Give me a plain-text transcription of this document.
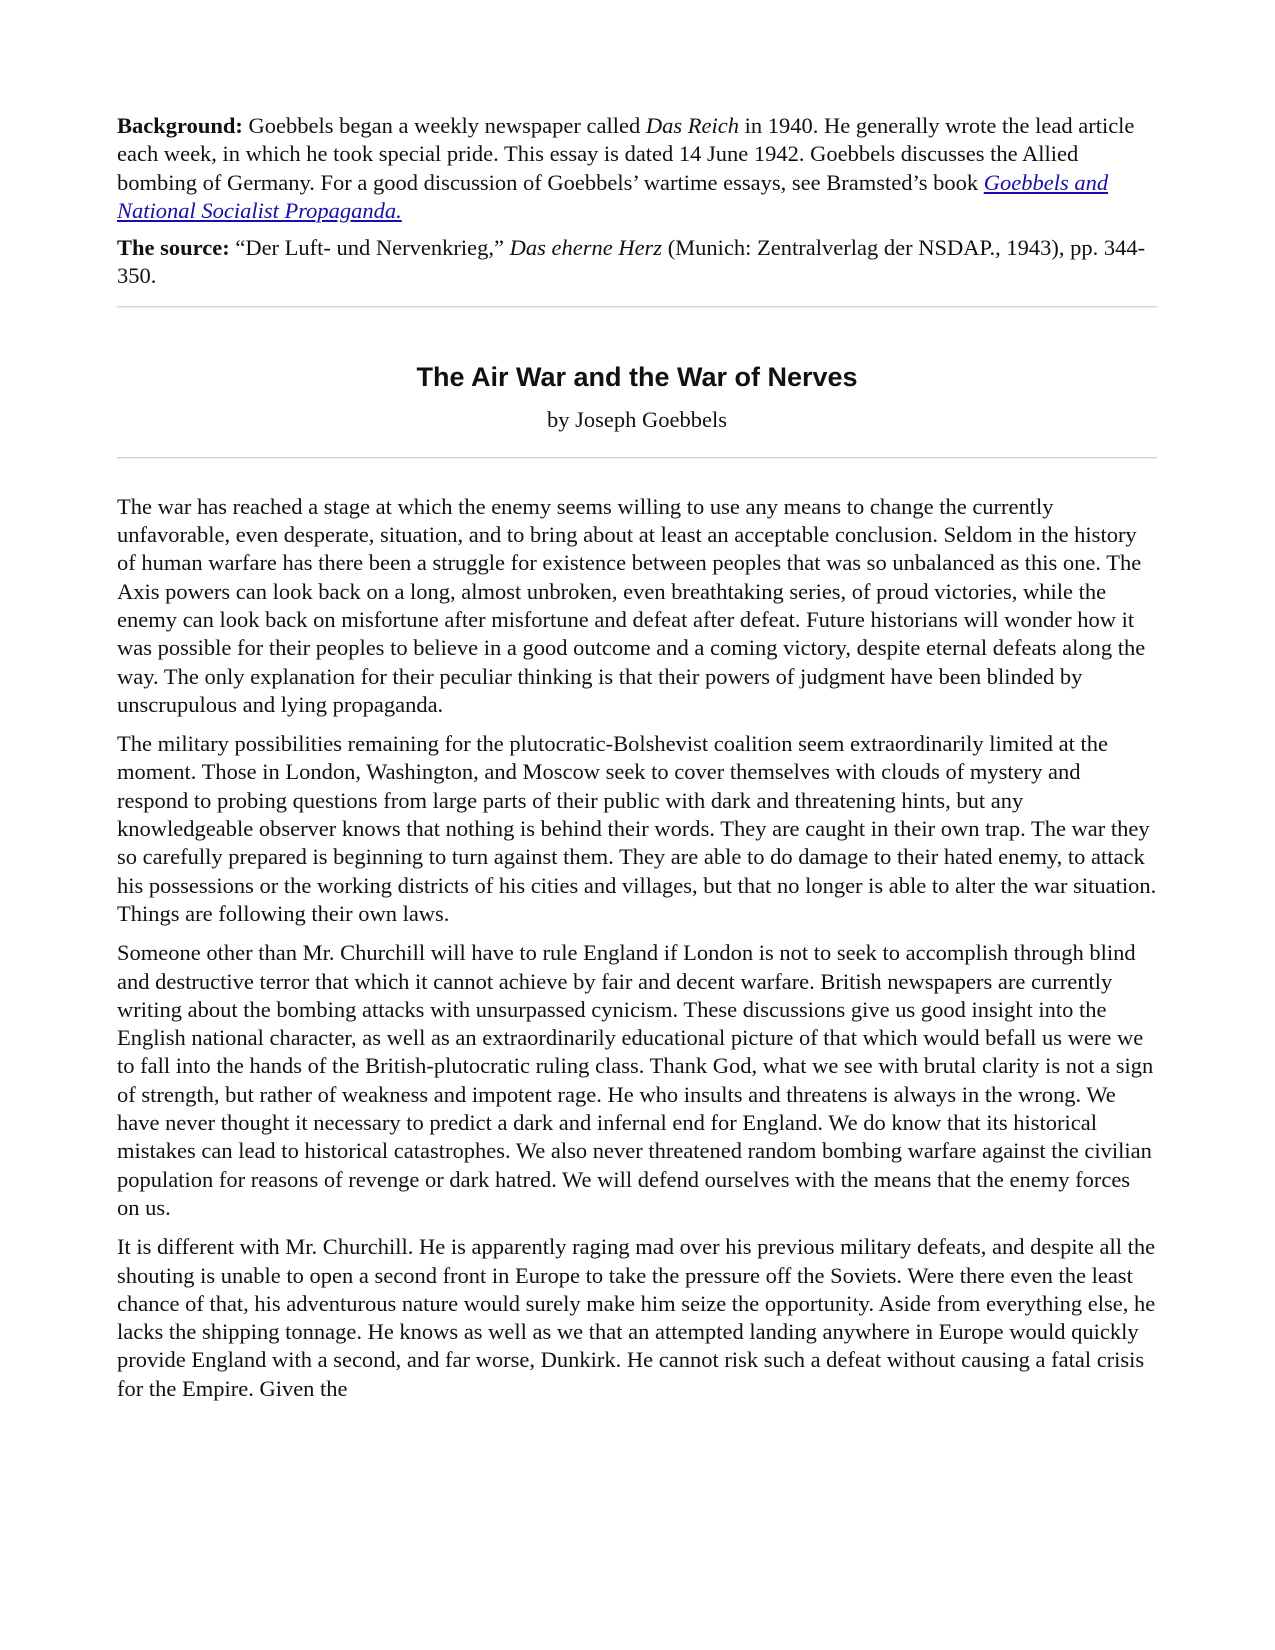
Background: Goebbels began a weekly newspaper called Das Reich in 1940. He generally wrote the lead article each week, in which he took special pride. This essay is dated 14 June 1942. Goebbels discusses the Allied bombing of Germany. For a good discussion of Goebbels’ wartime essays, see Bramsted’s book Goebbels and National Socialist Propaganda.

The source: “Der Luft- und Nervenkrieg,” Das eherne Herz (Munich: Zentralverlag der NSDAP., 1943), pp. 344-350.

The Air War and the War of Nerves
by Joseph Goebbels

The war has reached a stage at which the enemy seems willing to use any means to change the currently unfavorable, even desperate, situation, and to bring about at least an acceptable conclusion. Seldom in the history of human warfare has there been a struggle for existence between peoples that was so unbalanced as this one. The Axis powers can look back on a long, almost unbroken, even breathtaking series, of proud victories, while the enemy can look back on misfortune after misfortune and defeat after defeat. Future historians will wonder how it was possible for their peoples to believe in a good outcome and a coming victory, despite eternal defeats along the way. The only explanation for their peculiar thinking is that their powers of judgment have been blinded by unscrupulous and lying propaganda.

The military possibilities remaining for the plutocratic-Bolshevist coalition seem extraordinarily limited at the moment. Those in London, Washington, and Moscow seek to cover themselves with clouds of mystery and respond to probing questions from large parts of their public with dark and threatening hints, but any knowledgeable observer knows that nothing is behind their words. They are caught in their own trap. The war they so carefully prepared is beginning to turn against them. They are able to do damage to their hated enemy, to attack his possessions or the working districts of his cities and villages, but that no longer is able to alter the war situation. Things are following their own laws.

Someone other than Mr. Churchill will have to rule England if London is not to seek to accomplish through blind and destructive terror that which it cannot achieve by fair and decent warfare. British newspapers are currently writing about the bombing attacks with unsurpassed cynicism. These discussions give us good insight into the English national character, as well as an extraordinarily educational picture of that which would befall us were we to fall into the hands of the British-plutocratic ruling class. Thank God, what we see with brutal clarity is not a sign of strength, but rather of weakness and impotent rage. He who insults and threatens is always in the wrong. We have never thought it necessary to predict a dark and infernal end for England. We do know that its historical mistakes can lead to historical catastrophes. We also never threatened random bombing warfare against the civilian population for reasons of revenge or dark hatred. We will defend ourselves with the means that the enemy forces on us.

It is different with Mr. Churchill. He is apparently raging mad over his previous military defeats, and despite all the shouting is unable to open a second front in Europe to take the pressure off the Soviets. Were there even the least chance of that, his adventurous nature would surely make him seize the opportunity. Aside from everything else, he lacks the shipping tonnage. He knows as well as we that an attempted landing anywhere in Europe would quickly provide England with a second, and far worse, Dunkirk. He cannot risk such a defeat without causing a fatal crisis for the Empire. Given the
